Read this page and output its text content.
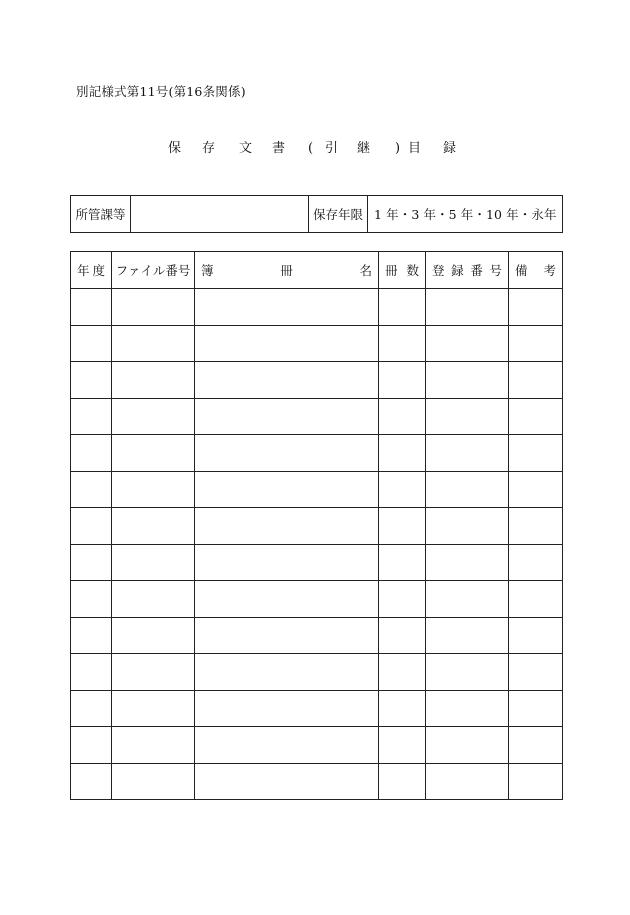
別記様式第11号(第16条関係)
保 存 文 書 ( 引 継 ) 目 録
所管課等		保存年限	1 年・3 年・5 年・10 年・永年
年 度	ファイル番号	簿 冊 名	冊 数	登 録 番 号	備 考
